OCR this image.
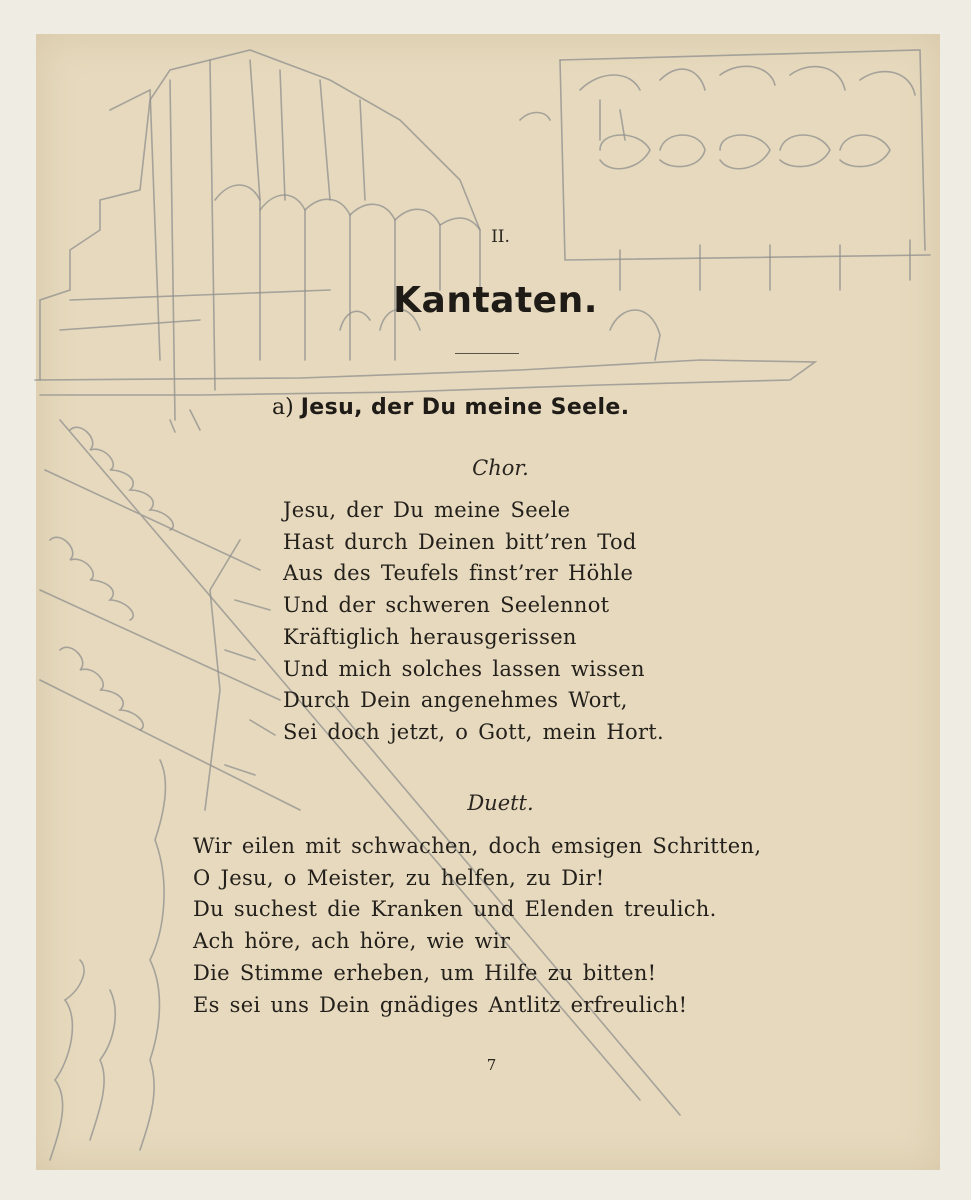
II.
Kantaten.
a) Jesu, der Du meine Seele.
Chor.
Jesu, der Du meine Seele
Hast durch Deinen bitt’ren Tod
Aus des Teufels finst’rer Höhle
Und der schweren Seelennot
Kräftiglich herausgerissen
Und mich solches lassen wissen
Durch Dein angenehmes Wort,
Sei doch jetzt, o Gott, mein Hort.
Duett.
Wir eilen mit schwachen, doch emsigen Schritten,
O Jesu, o Meister, zu helfen, zu Dir!
Du suchest die Kranken und Elenden treulich.
Ach höre, ach höre, wie wir
Die Stimme erheben, um Hilfe zu bitten!
Es sei uns Dein gnädiges Antlitz erfreulich!
7
